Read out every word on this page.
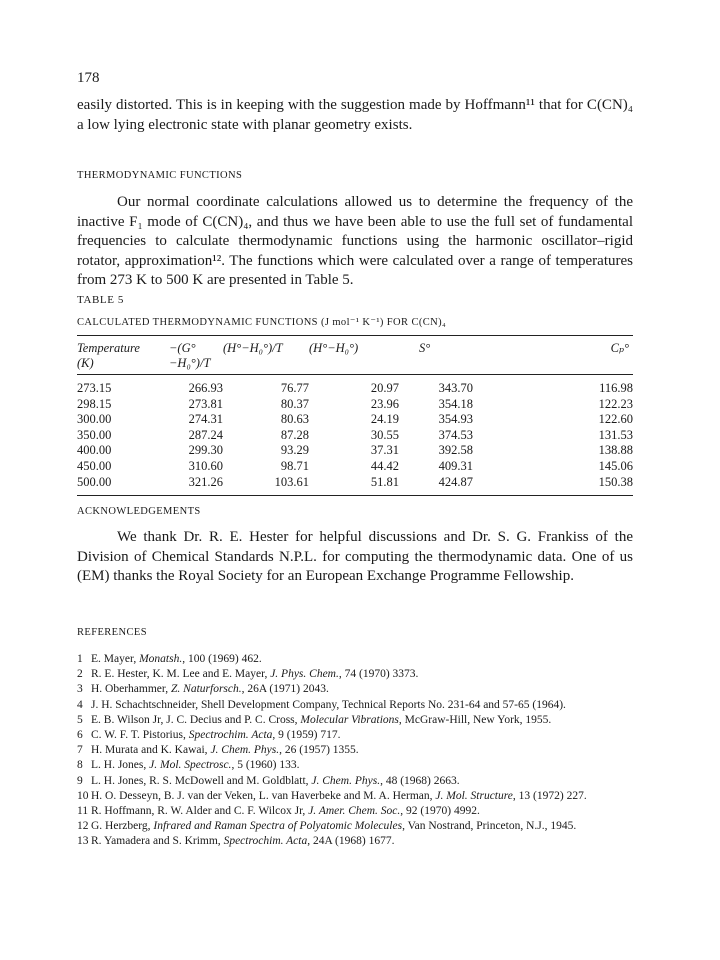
178

easily distorted. This is in keeping with the suggestion made by Hoffmann¹¹ that for C(CN)₄ a low lying electronic state with planar geometry exists.

THERMODYNAMIC FUNCTIONS

Our normal coordinate calculations allowed us to determine the frequency of the inactive F₁ mode of C(CN)₄, and thus we have been able to use the full set of fundamental frequencies to calculate thermodynamic functions using the harmonic oscillator–rigid rotator, approximation¹². The functions which were calculated over a range of temperatures from 273 K to 500 K are presented in Table 5.

TABLE 5
CALCULATED THERMODYNAMIC FUNCTIONS (J mol⁻¹ K⁻¹) FOR C(CN)₄
Temperature (K)	−(G°−H₀°)/T	(H°−H₀°)/T	(H°−H₀°)	S°	Cₚ°
273.15	266.93	76.77	20.97	343.70	116.98
298.15	273.81	80.37	23.96	354.18	122.23
300.00	274.31	80.63	24.19	354.93	122.60
350.00	287.24	87.28	30.55	374.53	131.53
400.00	299.30	93.29	37.31	392.58	138.88
450.00	310.60	98.71	44.42	409.31	145.06
500.00	321.26	103.61	51.81	424.87	150.38
ACKNOWLEDGEMENTS

We thank Dr. R. E. Hester for helpful discussions and Dr. S. G. Frankiss of the Division of Chemical Standards N.P.L. for computing the thermodynamic data. One of us (EM) thanks the Royal Society for an European Exchange Programme Fellowship.

REFERENCES
1 E. Mayer, Monatsh., 100 (1969) 462.
2 R. E. Hester, K. M. Lee and E. Mayer, J. Phys. Chem., 74 (1970) 3373.
3 H. Oberhammer, Z. Naturforsch., 26A (1971) 2043.
4 J. H. Schachtschneider, Shell Development Company, Technical Reports No. 231-64 and 57-65 (1964).
5 E. B. Wilson Jr, J. C. Decius and P. C. Cross, Molecular Vibrations, McGraw-Hill, New York, 1955.
6 C. W. F. T. Pistorius, Spectrochim. Acta, 9 (1959) 717.
7 H. Murata and K. Kawai, J. Chem. Phys., 26 (1957) 1355.
8 L. H. Jones, J. Mol. Spectrosc., 5 (1960) 133.
9 L. H. Jones, R. S. McDowell and M. Goldblatt, J. Chem. Phys., 48 (1968) 2663.
10 H. O. Desseyn, B. J. van der Veken, L. van Haverbeke and M. A. Herman, J. Mol. Structure, 13 (1972) 227.
11 R. Hoffmann, R. W. Alder and C. F. Wilcox Jr, J. Amer. Chem. Soc., 92 (1970) 4992.
12 G. Herzberg, Infrared and Raman Spectra of Polyatomic Molecules, Van Nostrand, Princeton, N.J., 1945.
13 R. Yamadera and S. Krimm, Spectrochim. Acta, 24A (1968) 1677.
